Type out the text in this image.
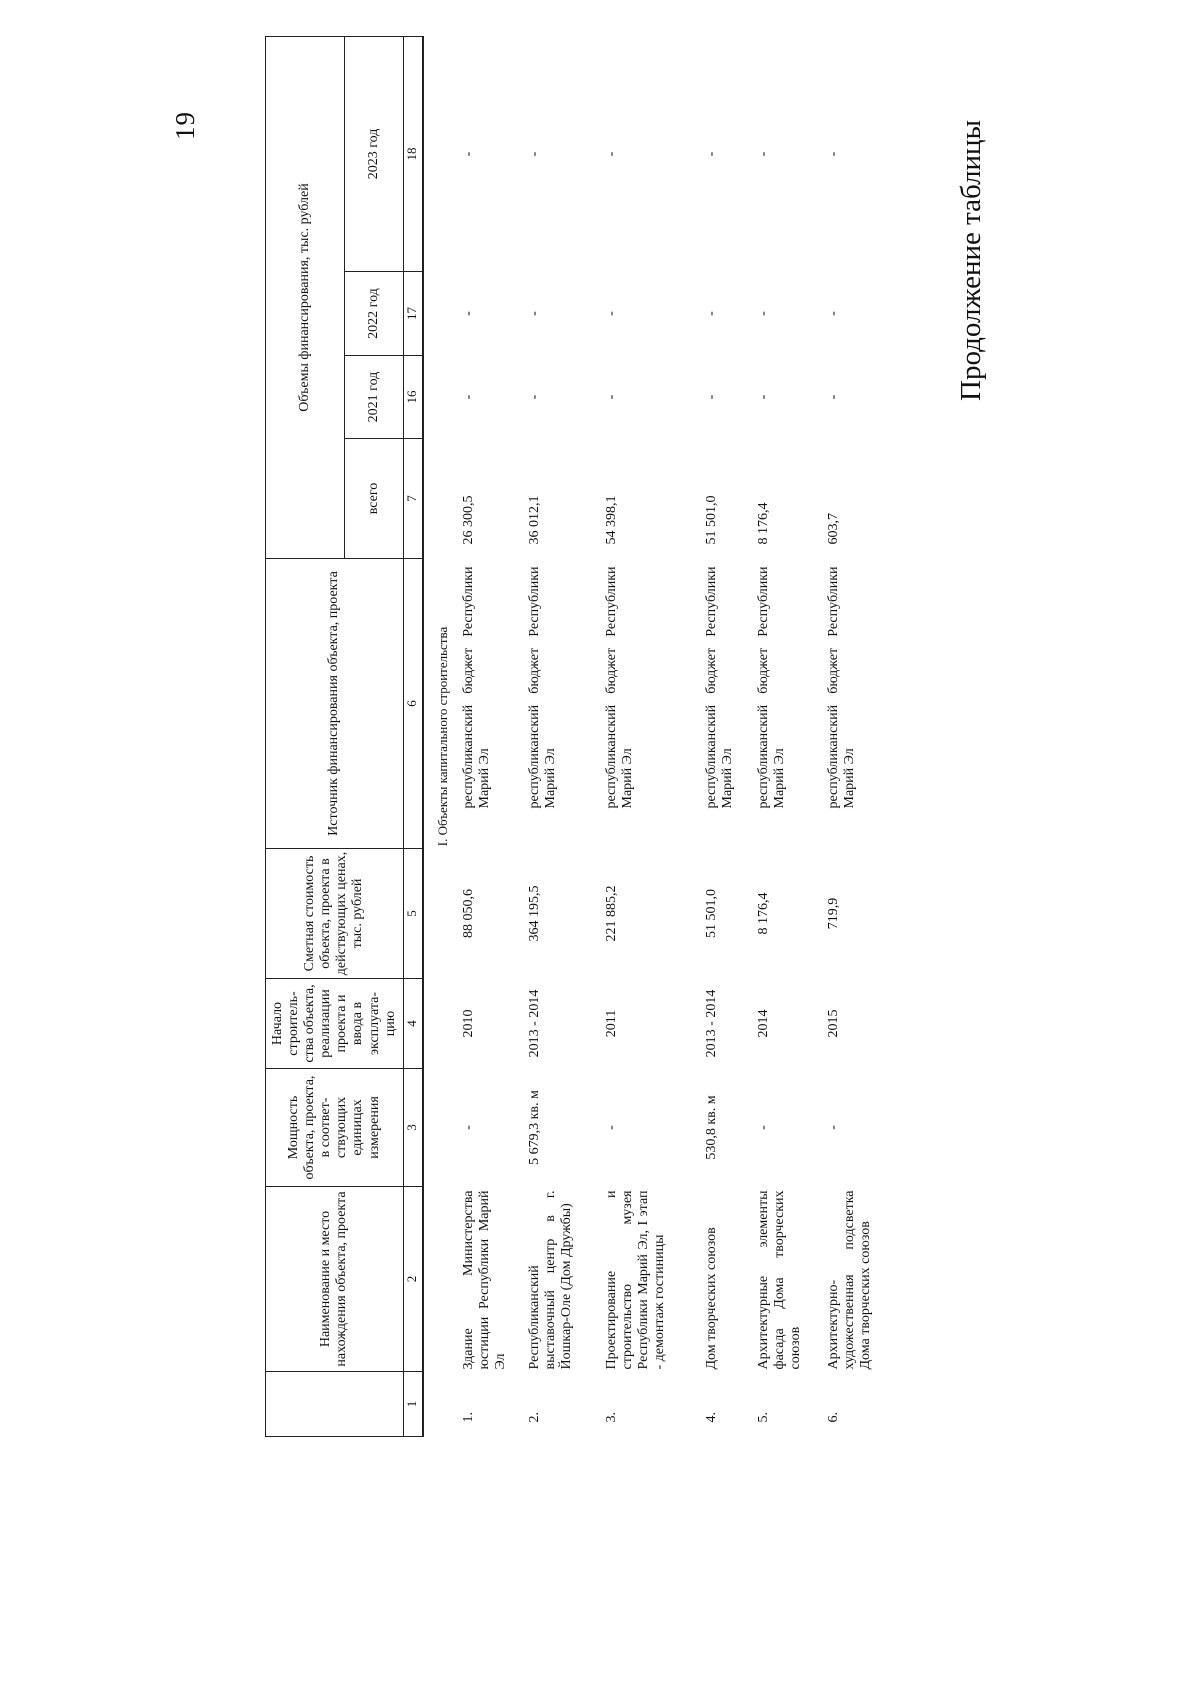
19	Продолжение таблицы
	Наименование и место нахождения объекта, проекта	Мощность объекта, проекта, в соответ-ствующих единицах измерения	Начало строитель-ства объекта, реализации проекта и ввода в эксплуата-цию	Сметная стоимость объекта, проекта в действующих ценах, тыс. рублей	Источник финансирования объекта, проекта	Объемы финансирования, тыс. рублей			
						всего	2021 год	2022 год	2023 год
1	2	3	4	5	6	7	16	17	18
I. Объекты капитального строительства									
1.	Здание Министерства юстиции Республики Марий Эл	-	2010	88 050,6	республиканский бюджет Республики Марий Эл	26 300,5	-	-	-
2.	Республиканский выставочный центр в г. Йошкар-Оле (Дом Дружбы)	5 679,3 кв. м	2013 - 2014	364 195,5	республиканский бюджет Республики Марий Эл	36 012,1	-	-	-
3.	Проектирование и строительство музея Республики Марий Эл, I этап - демонтаж гостиницы	-	2011	221 885,2	республиканский бюджет Республики Марий Эл	54 398,1	-	-	-
4.	Дом творческих союзов	530,8 кв. м	2013 - 2014	51 501,0	республиканский бюджет Республики Марий Эл	51 501,0	-	-	-
5.	Архитектурные элементы фасада Дома творческих союзов	-	2014	8 176,4	республиканский бюджет Республики Марий Эл	8 176,4	-	-	-
6.	Архитектурно-художественная подсветка Дома творческих союзов	-	2015	719,9	республиканский бюджет Республики Марий Эл	603,7	-	-	-
